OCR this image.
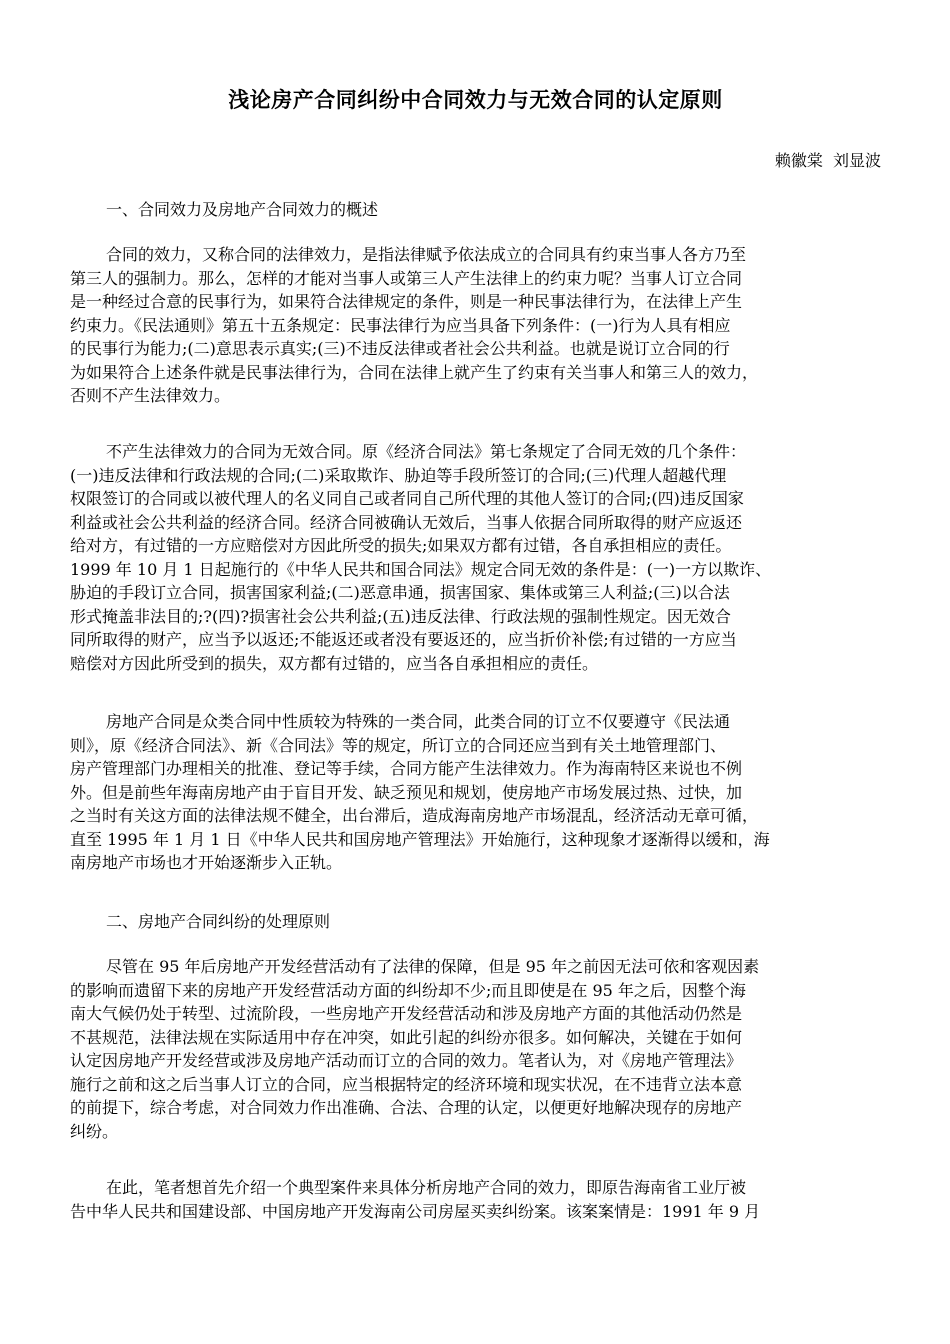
浅论房产合同纠纷中合同效力与无效合同的认定原则
赖徽棠  刘显波
一、合同效力及房地产合同效力的概述
合同的效力，又称合同的法律效力，是指法律赋予依法成立的合同具有约束当事人各方乃至
第三人的强制力。那么，怎样的才能对当事人或第三人产生法律上的约束力呢？当事人订立合同
是一种经过合意的民事行为，如果符合法律规定的条件，则是一种民事法律行为，在法律上产生
约束力。《民法通则》第五十五条规定：民事法律行为应当具备下列条件：(一)行为人具有相应
的民事行为能力;(二)意思表示真实;(三)不违反法律或者社会公共利益。也就是说订立合同的行
为如果符合上述条件就是民事法律行为，合同在法律上就产生了约束有关当事人和第三人的效力，
否则不产生法律效力。
不产生法律效力的合同为无效合同。原《经济合同法》第七条规定了合同无效的几个条件：
(一)违反法律和行政法规的合同;(二)采取欺诈、胁迫等手段所签订的合同;(三)代理人超越代理
权限签订的合同或以被代理人的名义同自己或者同自己所代理的其他人签订的合同;(四)违反国家
利益或社会公共利益的经济合同。经济合同被确认无效后，当事人依据合同所取得的财产应返还
给对方，有过错的一方应赔偿对方因此所受的损失;如果双方都有过错，各自承担相应的责任。
1999 年 10 月 1 日起施行的《中华人民共和国合同法》规定合同无效的条件是：(一)一方以欺诈、
胁迫的手段订立合同，损害国家利益;(二)恶意串通，损害国家、集体或第三人利益;(三)以合法
形式掩盖非法目的;?(四)?损害社会公共利益;(五)违反法律、行政法规的强制性规定。因无效合
同所取得的财产，应当予以返还;不能返还或者没有要返还的，应当折价补偿;有过错的一方应当
赔偿对方因此所受到的损失，双方都有过错的，应当各自承担相应的责任。
房地产合同是众类合同中性质较为特殊的一类合同，此类合同的订立不仅要遵守《民法通
则》，原《经济合同法》、新《合同法》等的规定，所订立的合同还应当到有关土地管理部门、
房产管理部门办理相关的批准、登记等手续，合同方能产生法律效力。作为海南特区来说也不例
外。但是前些年海南房地产由于盲目开发、缺乏预见和规划，使房地产市场发展过热、过快，加
之当时有关这方面的法律法规不健全，出台滞后，造成海南房地产市场混乱，经济活动无章可循，
直至 1995 年 1 月 1 日《中华人民共和国房地产管理法》开始施行，这种现象才逐渐得以缓和，海
南房地产市场也才开始逐渐步入正轨。
二、房地产合同纠纷的处理原则
尽管在 95 年后房地产开发经营活动有了法律的保障，但是 95 年之前因无法可依和客观因素
的影响而遗留下来的房地产开发经营活动方面的纠纷却不少;而且即使是在 95 年之后，因整个海
南大气候仍处于转型、过流阶段，一些房地产开发经营活动和涉及房地产方面的其他活动仍然是
不甚规范，法律法规在实际适用中存在冲突，如此引起的纠纷亦很多。如何解决，关键在于如何
认定因房地产开发经营或涉及房地产活动而订立的合同的效力。笔者认为，对《房地产管理法》
施行之前和这之后当事人订立的合同，应当根据特定的经济环境和现实状况，在不违背立法本意
的前提下，综合考虑，对合同效力作出准确、合法、合理的认定，以便更好地解决现存的房地产
纠纷。
在此，笔者想首先介绍一个典型案件来具体分析房地产合同的效力，即原告海南省工业厅被
告中华人民共和国建设部、中国房地产开发海南公司房屋买卖纠纷案。该案案情是：1991 年 9 月
